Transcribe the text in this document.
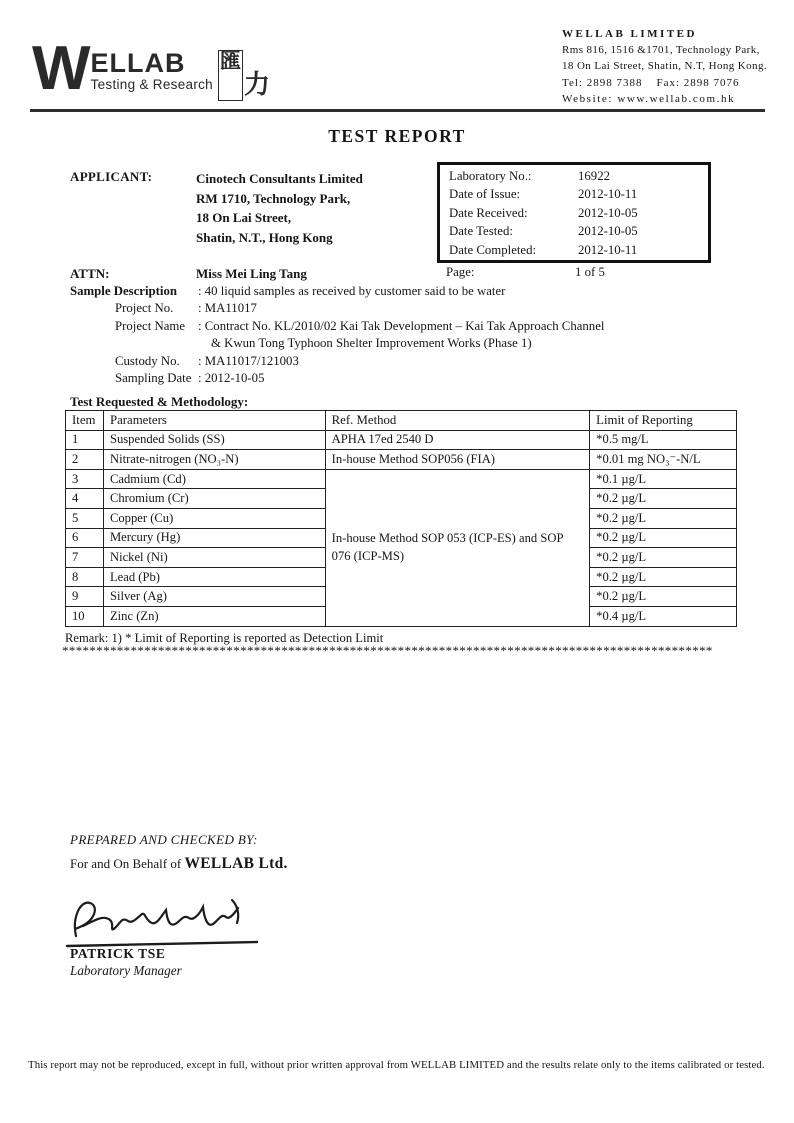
W ELLAB
Testing & Research
匯
力
WELLAB LIMITED
Rms 816, 1516 &1701, Technology Park,
18 On Lai Street, Shatin, N.T, Hong Kong.
Tel: 2898 7388 Fax: 2898 7076
Website: www.wellab.com.hk
TEST REPORT
APPLICANT:	Cinotech Consultants Limited
RM 1710, Technology Park,
18 On Lai Street,
Shatin, N.T., Hong Kong
Laboratory No.:	16922
Date of Issue:	2012-10-11
Date Received:	2012-10-05
Date Tested:	2012-10-05
Date Completed:	2012-10-11
Page:	1 of 5
ATTN:	Miss Mei Ling Tang
Sample Description	: 40 liquid samples as received by customer said to be water
Project No.	: MA11017
Project Name	: Contract No. KL/2010/02 Kai Tak Development – Kai Tak Approach Channel
& Kwun Tong Typhoon Shelter Improvement Works (Phase 1)
Custody No.	: MA11017/121003
Sampling Date : 2012-10-05
Test Requested & Methodology:
Item	Parameters	Ref. Method	Limit of Reporting
1	Suspended Solids (SS)	APHA 17ed 2540 D	*0.5 mg/L
2	Nitrate-nitrogen (NO₃-N)	In-house Method SOP056 (FIA)	*0.01 mg NO₃⁻-N/L
3	Cadmium (Cd)	In-house Method SOP 053 (ICP-ES) and SOP 076 (ICP-MS)	*0.1 µg/L
4	Chromium (Cr)		*0.2 µg/L
5	Copper (Cu)		*0.2 µg/L
6	Mercury (Hg)		*0.2 µg/L
7	Nickel (Ni)		*0.2 µg/L
8	Lead (Pb)		*0.2 µg/L
9	Silver (Ag)		*0.2 µg/L
10	Zinc (Zn)		*0.4 µg/L
Remark: 1) * Limit of Reporting is reported as Detection Limit
***********************************************************************************************
PREPARED AND CHECKED BY:
For and On Behalf of WELLAB Ltd.
PATRICK TSE
Laboratory Manager
This report may not be reproduced, except in full, without prior written approval from WELLAB LIMITED and the results relate only to the items calibrated or tested.
